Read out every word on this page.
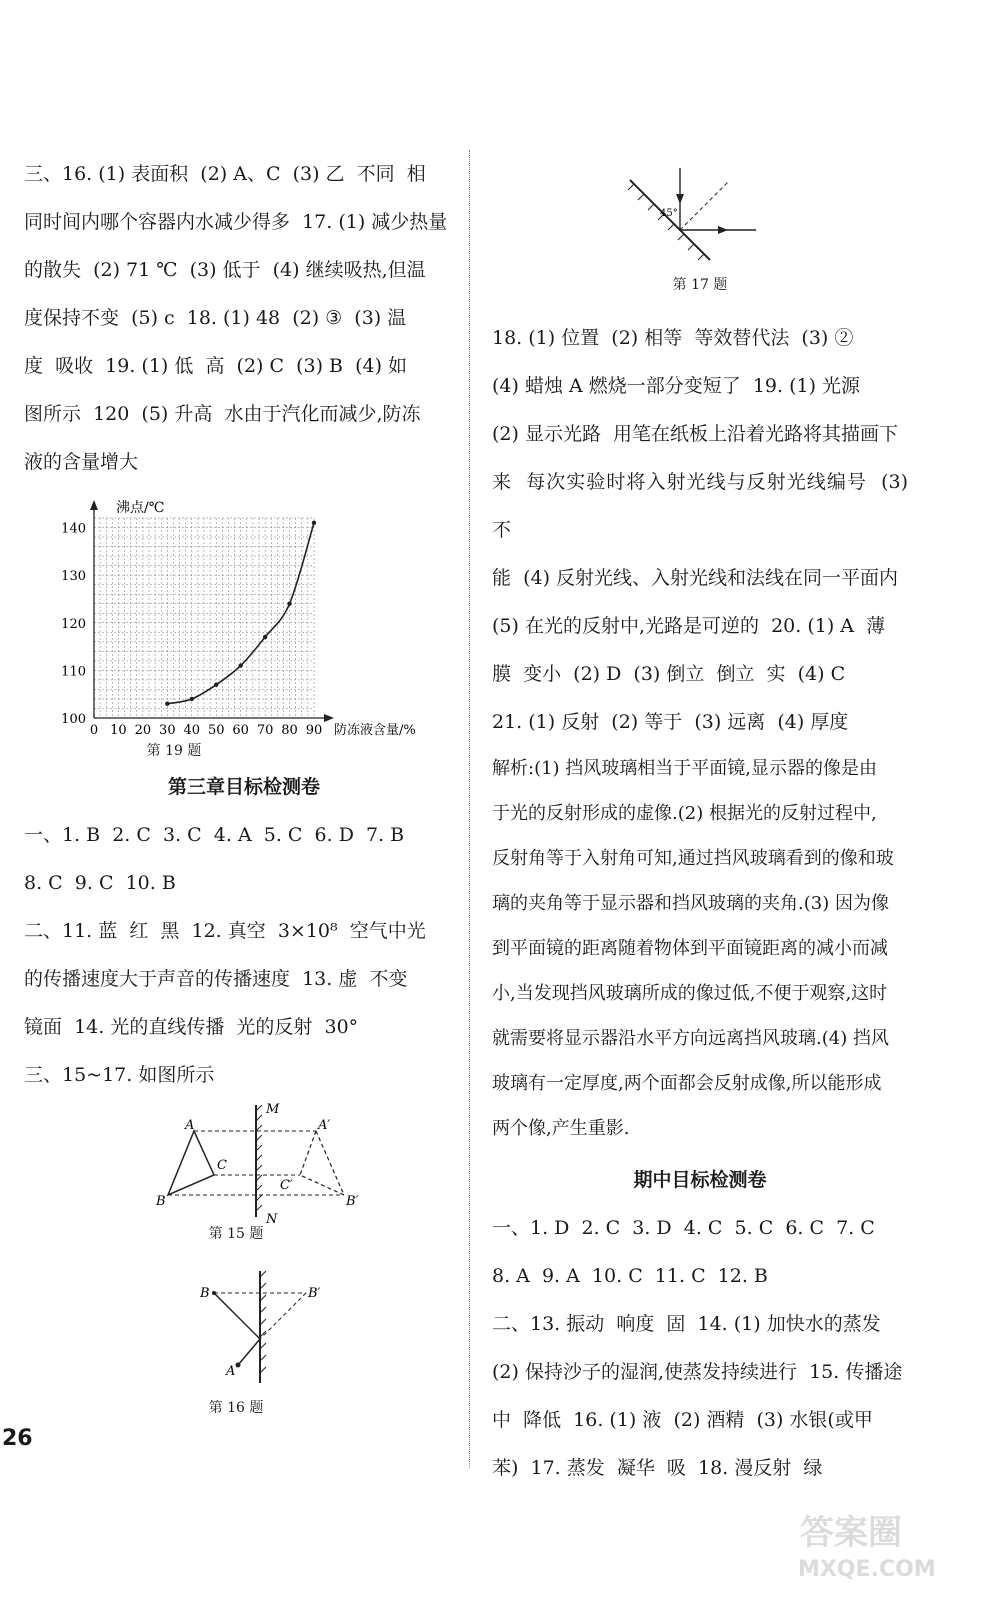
三、16. (1) 表面积  (2) A、C  (3) 乙  不同  相

同时间内哪个容器内水减少得多  17. (1) 减少热量

的散失  (2) 71 ℃  (3) 低于  (4) 继续吸热,但温

度保持不变  (5) c  18. (1) 48  (2) ③  (3) 温

度  吸收  19. (1) 低  高  (2) C  (3) B  (4) 如

图所示  120  (5) 升高  水由于汽化而减少,防冻

液的含量增大

0 10 20 30 40 50 60 70 80 90
100
110
120
130
140
沸点/℃
防冻液含量/%
第 19 题
第三章目标检测卷

一、1. B  2. C  3. C  4. A  5. C  6. D  7. B

8. C  9. C  10. B

二、11. 蓝  红  黑  12. 真空  3×10⁸  空气中光

的传播速度大于声音的传播速度  13. 虚  不变

镜面  14. 光的直线传播  光的反射  30°

三、15~17. 如图所示

A
B
C
A′
B′
C′
M
N
第 15 题
B	B′
A
第 16 题
45°
第 17 题

18. (1) 位置  (2) 相等  等效替代法  (3) ②

(4) 蜡烛 A 燃烧一部分变短了  19. (1) 光源

(2) 显示光路  用笔在纸板上沿着光路将其描画下

来  每次实验时将入射光线与反射光线编号  (3) 不

能  (4) 反射光线、入射光线和法线在同一平面内

(5) 在光的反射中,光路是可逆的  20. (1) A  薄

膜  变小  (2) D  (3) 倒立  倒立  实  (4) C

21. (1) 反射  (2) 等于  (3) 远离  (4) 厚度

解析:(1) 挡风玻璃相当于平面镜,显示器的像是由

于光的反射形成的虚像.(2) 根据光的反射过程中,

反射角等于入射角可知,通过挡风玻璃看到的像和玻

璃的夹角等于显示器和挡风玻璃的夹角.(3) 因为像

到平面镜的距离随着物体到平面镜距离的减小而减

小,当发现挡风玻璃所成的像过低,不便于观察,这时

就需要将显示器沿水平方向远离挡风玻璃.(4) 挡风

玻璃有一定厚度,两个面都会反射成像,所以能形成

两个像,产生重影.

期中目标检测卷

一、1. D  2. C  3. D  4. C  5. C  6. C  7. C

8. A  9. A  10. C  11. C  12. B

二、13. 振动  响度  固  14. (1) 加快水的蒸发

(2) 保持沙子的湿润,使蒸发持续进行  15. 传播途

中  降低  16. (1) 液  (2) 酒精  (3) 水银(或甲

苯)  17. 蒸发  凝华  吸  18. 漫反射  绿

26
答案圈
MXQE.COM
